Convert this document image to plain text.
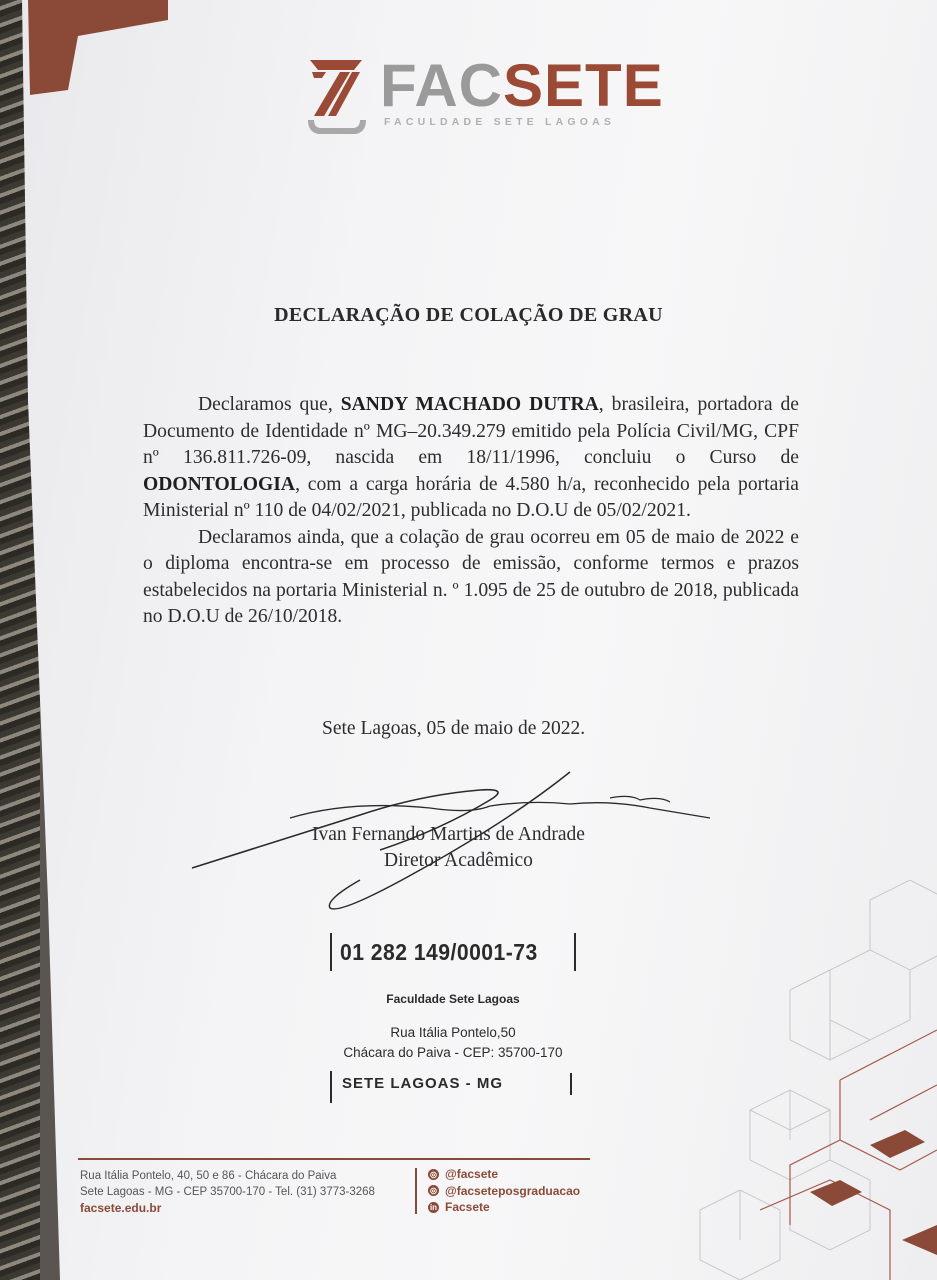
FACSETE
FACULDADE SETE LAGOAS
DECLARAÇÃO DE COLAÇÃO DE GRAU

Declaramos que, SANDY MACHADO DUTRA, brasileira, portadora de Documento de Identidade nº MG–20.349.279 emitido pela Polícia Civil/MG, CPF nº 136.811.726-09, nascida em 18/11/1996, concluiu o Curso de ODONTOLOGIA, com a carga horária de 4.580 h/a, reconhecido pela portaria Ministerial nº 110 de 04/02/2021, publicada no D.O.U de 05/02/2021.

Declaramos ainda, que a colação de grau ocorreu em 05 de maio de 2022 e o diploma encontra-se em processo de emissão, conforme termos e prazos estabelecidos na portaria Ministerial n. º 1.095 de 25 de outubro de 2018, publicada no D.O.U de 26/10/2018.

Sete Lagoas, 05 de maio de 2022.
Ivan Fernando Martins de Andrade
Diretor Acadêmico
01 282 149/0001-73
Faculdade Sete Lagoas
Rua Itália Pontelo,50
Chácara do Paiva - CEP: 35700-170
SETE LAGOAS - MG
Rua Itália Pontelo, 40, 50 e 86 - Chácara do Paiva
Sete Lagoas - MG - CEP 35700-170 - Tel. (31) 3773-3268
facsete.edu.br
◎ @facsete
◎ @facseteposgraduacao
in Facsete
